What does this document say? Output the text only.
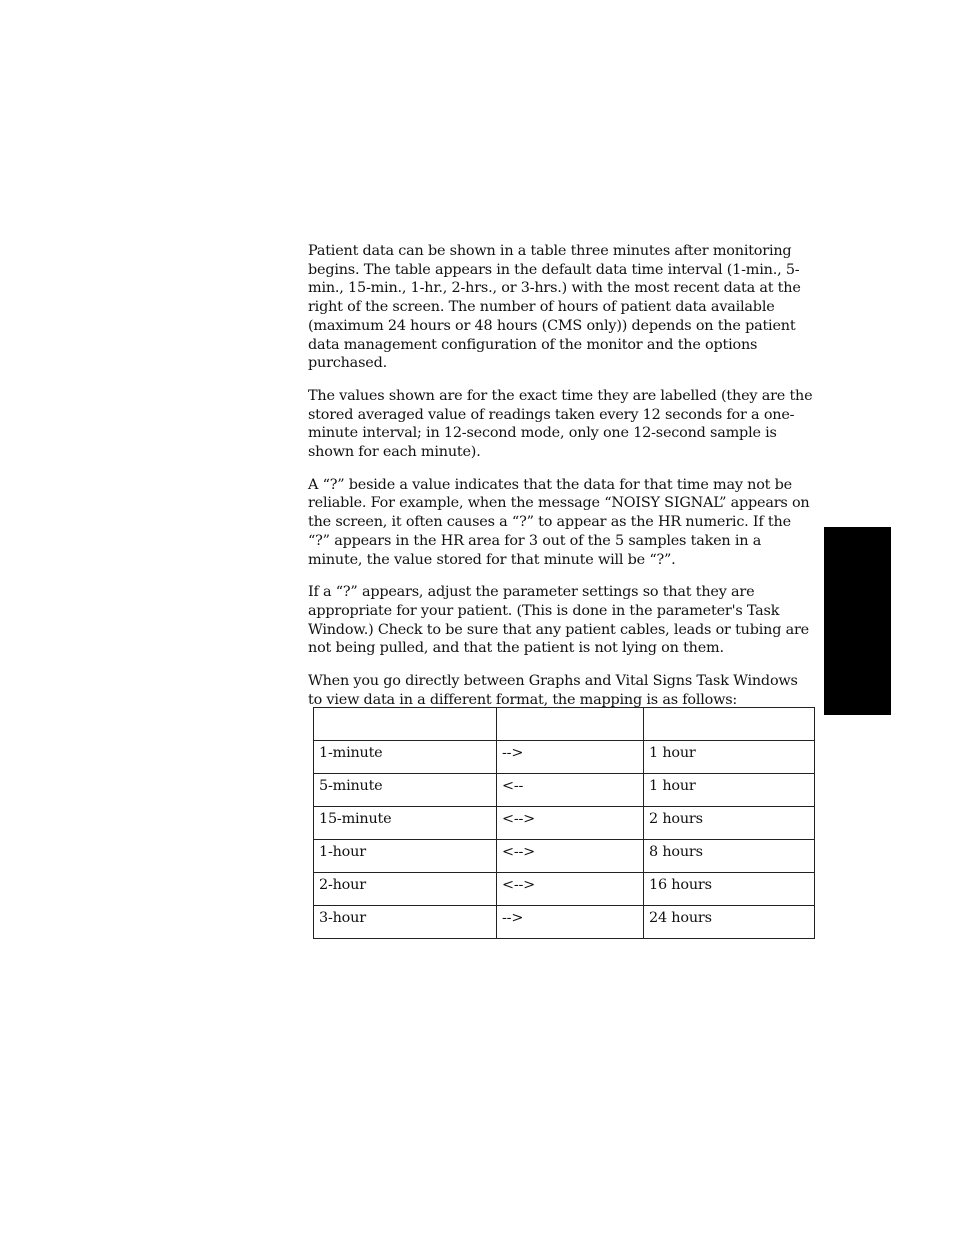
Patient data can be shown in a table three minutes after monitoring begins. The table appears in the default data time interval (1-min., 5-min., 15-min., 1-hr., 2-hrs., or 3-hrs.) with the most recent data at the right of the screen. The number of hours of patient data available (maximum 24 hours or 48 hours (CMS only)) depends on the patient data management configuration of the monitor and the options purchased.

The values shown are for the exact time they are labelled (they are the stored averaged value of readings taken every 12 seconds for a one-minute interval; in 12-second mode, only one 12-second sample is shown for each minute).

A “?” beside a value indicates that the data for that time may not be reliable. For example, when the message “NOISY SIGNAL” appears on the screen, it often causes a “?” to appear as the HR numeric. If the “?” appears in the HR area for 3 out of the 5 samples taken in a minute, the value stored for that minute will be “?”.

If a “?” appears, adjust the parameter settings so that they are appropriate for your patient. (This is done in the parameter's Task Window.) Check to be sure that any patient cables, leads or tubing are not being pulled, and that the patient is not lying on them.

When you go directly between Graphs and Vital Signs Task Windows to view data in a different format, the mapping is as follows:

1-minute	-->	1 hour
5-minute	<--	1 hour
15-minute	<-->	2 hours
1-hour	<-->	8 hours
2-hour	<-->	16 hours
3-hour	-->	24 hours
